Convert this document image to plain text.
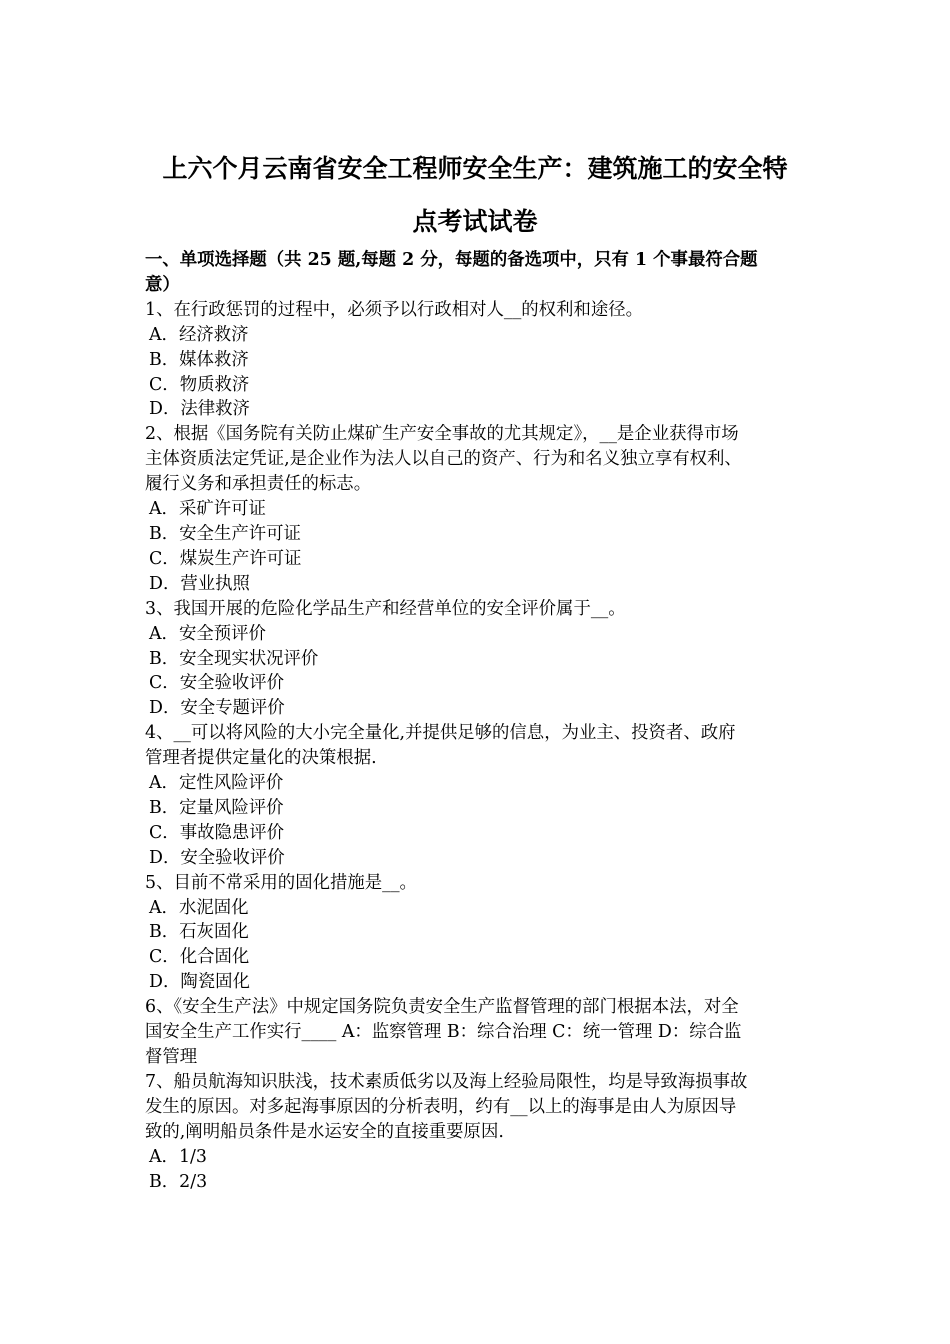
上六个月云南省安全工程师安全生产：建筑施工的安全特
点考试试卷
一、单项选择题（共 25 题,每题 2 分，每题的备选项中，只有 1 个事最符合题
意）
1、在行政惩罚的过程中，必须予以行政相对人__的权利和途径。
A．经济救济
B．媒体救济
C．物质救济
D．法律救济
2、根据《国务院有关防止煤矿生产安全事故的尤其规定》，__是企业获得市场
主体资质法定凭证,是企业作为法人以自己的资产、行为和名义独立享有权利、
履行义务和承担责任的标志。
A．采矿许可证
B．安全生产许可证
C．煤炭生产许可证
D．营业执照
3、我国开展的危险化学品生产和经营单位的安全评价属于__。
A．安全预评价
B．安全现实状况评价
C．安全验收评价
D．安全专题评价
4、__可以将风险的大小完全量化,并提供足够的信息，为业主、投资者、政府
管理者提供定量化的决策根据.
A．定性风险评价
B．定量风险评价
C．事故隐患评价
D．安全验收评价
5、目前不常采用的固化措施是__。
A．水泥固化
B．石灰固化
C．化合固化
D．陶瓷固化
6、《安全生产法》中规定国务院负责安全生产监督管理的部门根据本法，对全
国安全生产工作实行____ A：监察管理 B：综合治理 C：统一管理 D：综合监
督管理
7、船员航海知识肤浅，技术素质低劣以及海上经验局限性，均是导致海损事故
发生的原因。对多起海事原因的分析表明，约有__以上的海事是由人为原因导
致的,阐明船员条件是水运安全的直接重要原因.
A．1/3
B．2/3
